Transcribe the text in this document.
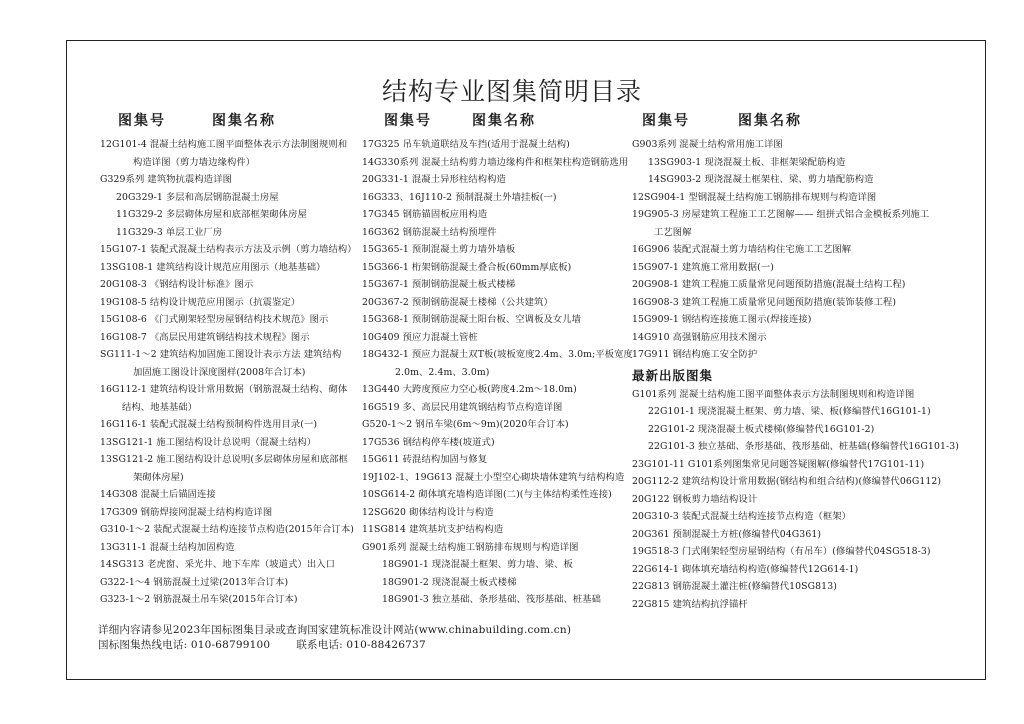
结构专业图集简明目录
图集号	图集名称
12G101-4 混凝土结构施工图平面整体表示方法制图规则和
构造详图（剪力墙边缘构件）
G329系列 建筑物抗震构造详图
20G329-1 多层和高层钢筋混凝土房屋
11G329-2 多层砌体房屋和底部框架砌体房屋
11G329-3 单层工业厂房
15G107-1 装配式混凝土结构表示方法及示例（剪力墙结构）
13SG108-1 建筑结构设计规范应用图示（地基基础）
20G108-3 《钢结构设计标准》图示
19G108-5 结构设计规范应用图示（抗震鉴定）
15G108-6 《门式刚架轻型房屋钢结构技术规范》图示
16G108-7 《高层民用建筑钢结构技术规程》图示
SG111-1～2 建筑结构加固施工图设计表示方法 建筑结构
加固施工图设计深度图样(2008年合订本)
16G112-1 建筑结构设计常用数据（钢筋混凝土结构、砌体
结构、地基基础）
16G116-1 装配式混凝土结构预制构件选用目录(一)
13SG121-1 施工图结构设计总说明（混凝土结构）
13SG121-2 施工图结构设计总说明(多层砌体房屋和底部框
架砌体房屋)
14G308 混凝土后锚固连接
17G309 钢筋焊接网混凝土结构构造详图
G310-1～2 装配式混凝土结构连接节点构造(2015年合订本)
13G311-1 混凝土结构加固构造
14SG313 老虎窗、采光井、地下车库（坡道式）出入口
G322-1～4 钢筋混凝土过梁(2013年合订本)
G323-1～2 钢筋混凝土吊车梁(2015年合订本)
图集号	图集名称
17G325 吊车轨道联结及车挡(适用于混凝土结构)
14G330系列 混凝土结构剪力墙边缘构件和框架柱构造钢筋选用
20G331-1 混凝土异形柱结构构造
16G333、16J110-2 预制混凝土外墙挂板(一)
17G345 钢筋锚固板应用构造
16G362 钢筋混凝土结构预埋件
15G365-1 预制混凝土剪力墙外墙板
15G366-1 桁架钢筋混凝土叠合板(60mm厚底板)
15G367-1 预制钢筋混凝土板式楼梯
20G367-2 预制钢筋混凝土楼梯（公共建筑）
15G368-1 预制钢筋混凝土阳台板、空调板及女儿墙
10G409 预应力混凝土管桩
18G432-1 预应力混凝土双T板(坡板宽度2.4m、3.0m;平板宽度
2.0m、2.4m、3.0m)
13G440 大跨度预应力空心板(跨度4.2m～18.0m)
16G519 多、高层民用建筑钢结构节点构造详图
G520-1～2 钢吊车梁(6m～9m)(2020年合订本)
17G536 钢结构停车楼(坡道式)
15G611 砖混结构加固与修复
19J102-1、19G613 混凝土小型空心砌块墙体建筑与结构构造
10SG614-2 砌体填充墙构造详图(二)(与主体结构柔性连接)
12SG620 砌体结构设计与构造
11SG814 建筑基坑支护结构构造
G901系列 混凝土结构施工钢筋排布规则与构造详图
18G901-1 现浇混凝土框架、剪力墙、梁、板
18G901-2 现浇混凝土板式楼梯
18G901-3 独立基础、条形基础、筏形基础、桩基础
图集号	图集名称
G903系列 混凝土结构常用施工详图
13SG903-1 现浇混凝土板、非框架梁配筋构造
14SG903-2 现浇混凝土框架柱、梁、剪力墙配筋构造
12SG904-1 型钢混凝土结构施工钢筋排布规则与构造详图
19G905-3 房屋建筑工程施工工艺图解—— 组拼式铝合金模板系列施工
工艺图解
16G906 装配式混凝土剪力墙结构住宅施工工艺图解
15G907-1 建筑施工常用数据(一)
20G908-1 建筑工程施工质量常见问题预防措施(混凝土结构工程)
16G908-3 建筑工程施工质量常见问题预防措施(装饰装修工程)
15G909-1 钢结构连接施工图示(焊接连接)
14G910 高强钢筋应用技术图示
17G911 钢结构施工安全防护
最新出版图集
G101系列 混凝土结构施工图平面整体表示方法制图规则和构造详图
22G101-1 现浇混凝土框架、剪力墙、梁、板(修编替代16G101-1)
22G101-2 现浇混凝土板式楼梯(修编替代16G101-2)
22G101-3 独立基础、条形基础、筏形基础、桩基础(修编替代16G101-3)
23G101-11 G101系列图集常见问题答疑图解(修编替代17G101-11)
20G112-2 建筑结构设计常用数据(钢结构和组合结构)(修编替代06G112)
20G122 钢板剪力墙结构设计
20G310-3 装配式混凝土结构连接节点构造（框架）
20G361 预制混凝土方桩(修编替代04G361)
19G518-3 门式刚架轻型房屋钢结构（有吊车）(修编替代04SG518-3)
22G614-1 砌体填充墙结构构造(修编替代12G614-1)
22G813 钢筋混凝土灌注桩(修编替代10SG813)
22G815 建筑结构抗浮锚杆
详细内容请参见2023年国标图集目录或查询国家建筑标准设计网站(www.chinabuilding.com.cn)
国标图集热线电话: 010-68799100 联系电话: 010-88426737
